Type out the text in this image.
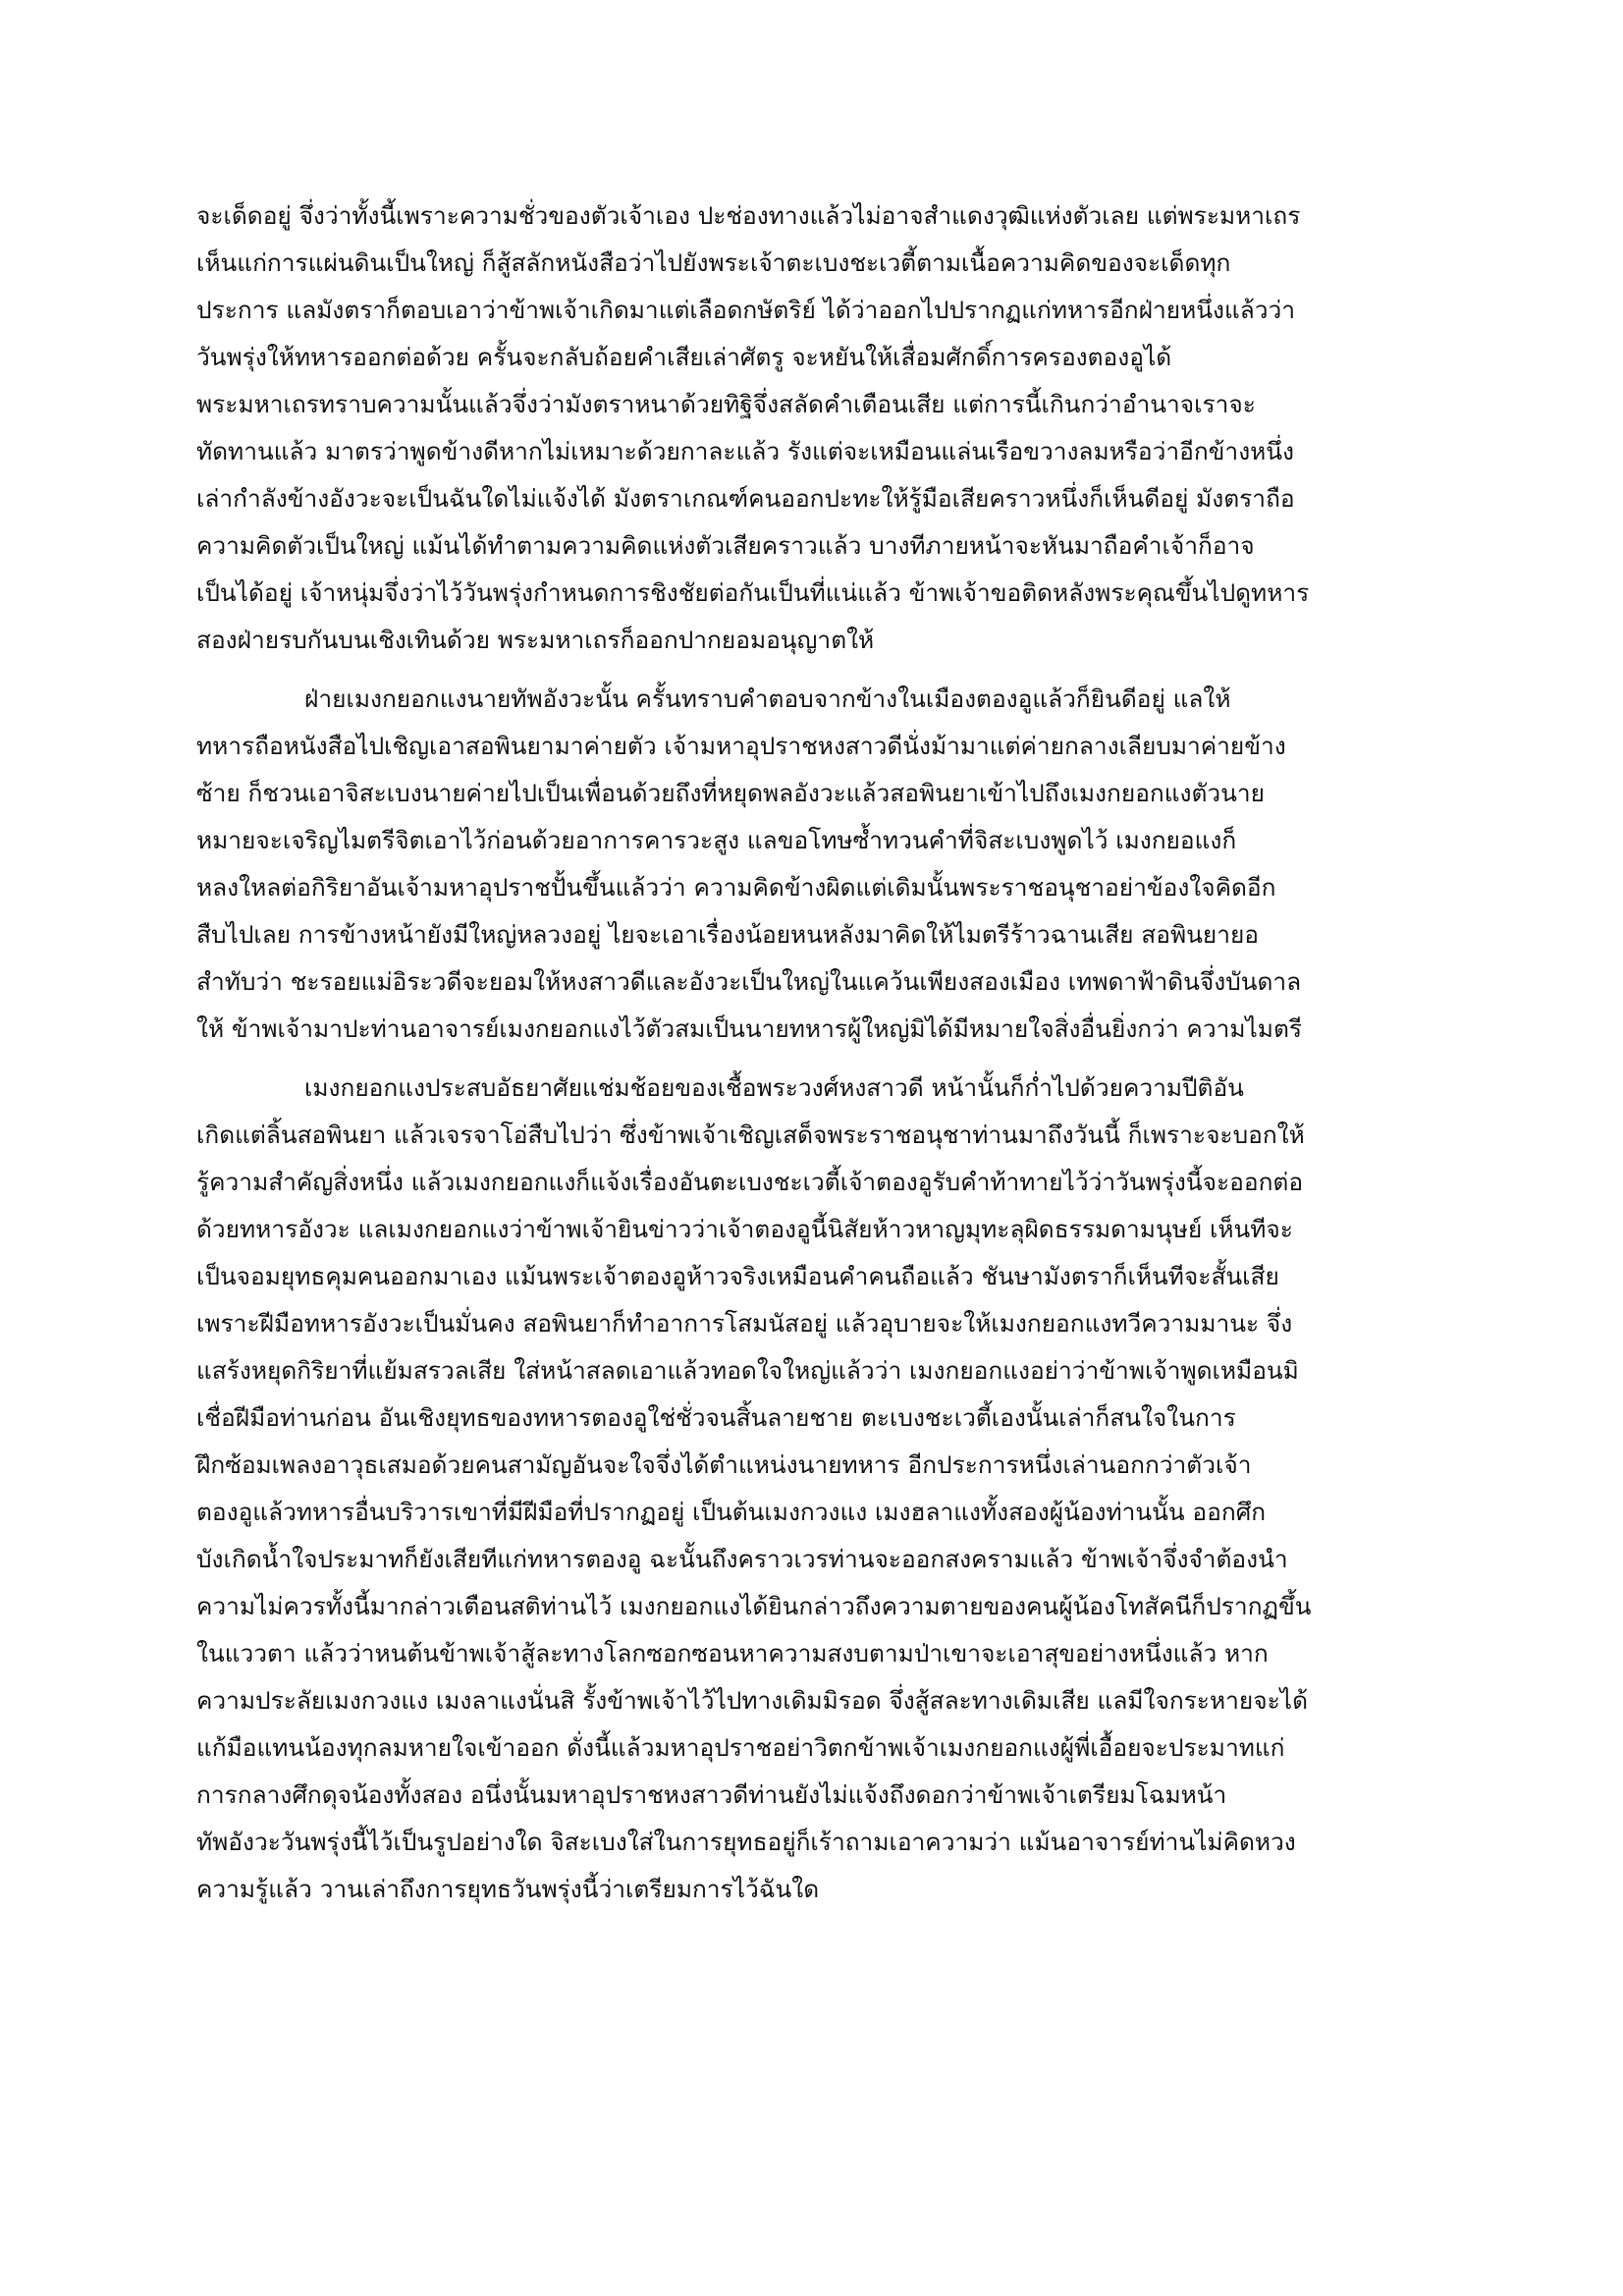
จะเด็ดอยู่ จึ่งว่าทั้งนี้เพราะความชั่วของตัวเจ้าเอง ปะช่องทางแล้วไม่อาจสำแดงวุฒิแห่งตัวเลย แต่พระมหาเถร
เห็นแก่การแผ่นดินเป็นใหญ่ ก็สู้สลักหนังสือว่าไปยังพระเจ้าตะเบงชะเวตี้ตามเนื้อความคิดของจะเด็ดทุก
ประการ แลมังตราก็ตอบเอาว่าข้าพเจ้าเกิดมาแต่เลือดกษัตริย์ ได้ว่าออกไปปรากฏแก่ทหารอีกฝ่ายหนึ่งแล้วว่า
วันพรุ่งให้ทหารออกต่อด้วย ครั้นจะกลับถ้อยคำเสียเล่าศัตรู จะหยันให้เสื่อมศักดิ์การครองตองอูได้
พระมหาเถรทราบความนั้นแล้วจึ่งว่ามังตราหนาด้วยทิฐิจึ่งสลัดคำเตือนเสีย แต่การนี้เกินกว่าอำนาจเราจะ
ทัดทานแล้ว มาตรว่าพูดข้างดีหากไม่เหมาะด้วยกาละแล้ว รังแต่จะเหมือนแล่นเรือขวางลมหรือว่าอีกข้างหนึ่ง
เล่ากำลังข้างอังวะจะเป็นฉันใดไม่แจ้งได้ มังตราเกณฑ์คนออกปะทะให้รู้มือเสียคราวหนึ่งก็เห็นดีอยู่ มังตราถือ
ความคิดตัวเป็นใหญ่ แม้นได้ทำตามความคิดแห่งตัวเสียคราวแล้ว บางทีภายหน้าจะหันมาถือคำเจ้าก็อาจ
เป็นได้อยู่ เจ้าหนุ่มจึ่งว่าไว้วันพรุ่งกำหนดการชิงชัยต่อกันเป็นที่แน่แล้ว ข้าพเจ้าขอติดหลังพระคุณขึ้นไปดูทหาร
สองฝ่ายรบกันบนเชิงเทินด้วย พระมหาเถรก็ออกปากยอมอนุญาตให้
ฝ่ายเมงกยอกแงนายทัพอังวะนั้น ครั้นทราบคำตอบจากข้างในเมืองตองอูแล้วก็ยินดีอยู่ แลให้
ทหารถือหนังสือไปเชิญเอาสอพินยามาค่ายตัว เจ้ามหาอุปราชหงสาวดีนั่งม้ามาแต่ค่ายกลางเลียบมาค่ายข้าง
ซ้าย ก็ชวนเอาจิสะเบงนายค่ายไปเป็นเพื่อนด้วยถึงที่หยุดพลอังวะแล้วสอพินยาเข้าไปถึงเมงกยอกแงตัวนาย
หมายจะเจริญไมตรีจิตเอาไว้ก่อนด้วยอาการคารวะสูง แลขอโทษซ้ำทวนคำที่จิสะเบงพูดไว้ เมงกยอแงก็
หลงใหลต่อกิริยาอันเจ้ามหาอุปราชปั้นขึ้นแล้วว่า ความคิดข้างผิดแต่เดิมนั้นพระราชอนุชาอย่าข้องใจคิดอีก
สืบไปเลย การข้างหน้ายังมีใหญ่หลวงอยู่ ไยจะเอาเรื่องน้อยหนหลังมาคิดให้ไมตรีร้าวฉานเสีย สอพินยายอ
สำทับว่า ชะรอยแม่อิระวดีจะยอมให้หงสาวดีและอังวะเป็นใหญ่ในแคว้นเพียงสองเมือง เทพดาฟ้าดินจึ่งบันดาล
ให้ ข้าพเจ้ามาปะท่านอาจารย์เมงกยอกแงไว้ตัวสมเป็นนายทหารผู้ใหญ่มิได้มีหมายใจสิ่งอื่นยิ่งกว่า ความไมตรี
เมงกยอกแงประสบอัธยาศัยแช่มช้อยของเชื้อพระวงศ์หงสาวดี หน้านั้นก็ก่ำไปด้วยความปีติอัน
เกิดแต่ลิ้นสอพินยา แล้วเจรจาโอ่สืบไปว่า ซึ่งข้าพเจ้าเชิญเสด็จพระราชอนุชาท่านมาถึงวันนี้ ก็เพราะจะบอกให้
รู้ความสำคัญสิ่งหนึ่ง แล้วเมงกยอกแงก็แจ้งเรื่องอันตะเบงชะเวตี้เจ้าตองอูรับคำท้าทายไว้ว่าวันพรุ่งนี้จะออกต่อ
ด้วยทหารอังวะ แลเมงกยอกแงว่าข้าพเจ้ายินข่าวว่าเจ้าตองอูนี้นิสัยห้าวหาญมุทะลุผิดธรรมดามนุษย์ เห็นทีจะ
เป็นจอมยุทธคุมคนออกมาเอง แม้นพระเจ้าตองอูห้าวจริงเหมือนคำคนถือแล้ว ชันษามังตราก็เห็นทีจะสั้นเสีย
เพราะฝีมือทหารอังวะเป็นมั่นคง สอพินยาก็ทำอาการโสมนัสอยู่ แล้วอุบายจะให้เมงกยอกแงทวีความมานะ จึ่ง
แสร้งหยุดกิริยาที่แย้มสรวลเสีย ใส่หน้าสลดเอาแล้วทอดใจใหญ่แล้วว่า เมงกยอกแงอย่าว่าข้าพเจ้าพูดเหมือนมิ
เชื่อฝีมือท่านก่อน อันเชิงยุทธของทหารตองอูใช่ชั่วจนสิ้นลายชาย ตะเบงชะเวตี้เองนั้นเล่าก็สนใจในการ
ฝึกซ้อมเพลงอาวุธเสมอด้วยคนสามัญอันจะใจจึ่งได้ตำแหน่งนายทหาร อีกประการหนึ่งเล่านอกกว่าตัวเจ้า
ตองอูแล้วทหารอื่นบริวารเขาที่มีฝีมือที่ปรากฏอยู่ เป็นต้นเมงกวงแง เมงฮลาแงทั้งสองผู้น้องท่านนั้น ออกศึก
บังเกิดน้ำใจประมาทก็ยังเสียทีแก่ทหารตองอู ฉะนั้นถึงคราวเวรท่านจะออกสงครามแล้ว ข้าพเจ้าจึ่งจำต้องนำ
ความไม่ควรทั้งนี้มากล่าวเตือนสติท่านไว้ เมงกยอกแงได้ยินกล่าวถึงความตายของคนผู้น้องโทสัคนีก็ปรากฏขึ้น
ในแววตา แล้วว่าหนต้นข้าพเจ้าสู้ละทางโลกซอกซอนหาความสงบตามป่าเขาจะเอาสุขอย่างหนึ่งแล้ว หาก
ความประลัยเมงกวงแง เมงลาแงนั่นสิ รั้งข้าพเจ้าไว้ไปทางเดิมมิรอด จึ่งสู้สละทางเดิมเสีย แลมีใจกระหายจะได้
แก้มือแทนน้องทุกลมหายใจเข้าออก ดั่งนี้แล้วมหาอุปราชอย่าวิตกข้าพเจ้าเมงกยอกแงผู้พี่เอื้อยจะประมาทแก่
การกลางศึกดุจน้องทั้งสอง อนึ่งนั้นมหาอุปราชหงสาวดีท่านยังไม่แจ้งถึงดอกว่าข้าพเจ้าเตรียมโฉมหน้า
ทัพอังวะวันพรุ่งนี้ไว้เป็นรูปอย่างใด จิสะเบงใส่ในการยุทธอยู่ก็เร้าถามเอาความว่า แม้นอาจารย์ท่านไม่คิดหวง
ความรู้แล้ว วานเล่าถึงการยุทธวันพรุ่งนี้ว่าเตรียมการไว้ฉันใด
